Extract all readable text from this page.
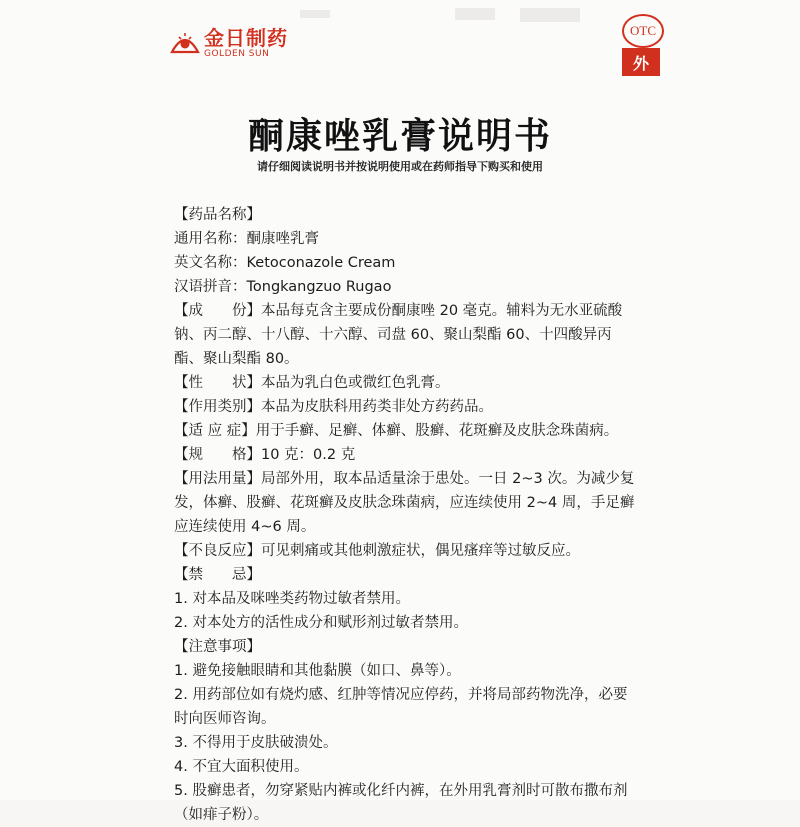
金日制药
GOLDEN SUN
OTC
外
酮康唑乳膏说明书
请仔细阅读说明书并按说明使用或在药师指导下购买和使用
【药品名称】
通用名称：酮康唑乳膏
英文名称：Ketoconazole Cream
汉语拼音：Tongkangzuo Rugao
【成　　份】本品每克含主要成份酮康唑 20 毫克。辅料为无水亚硫酸钠、丙二醇、十八醇、十六醇、司盘 60、聚山梨酯 60、十四酸异丙酯、聚山梨酯 80。
【性　　状】本品为乳白色或微红色乳膏。
【作用类别】本品为皮肤科用药类非处方药药品。
【适 应 症】用于手癣、足癣、体癣、股癣、花斑癣及皮肤念珠菌病。
【规　　格】10 克：0.2 克
【用法用量】局部外用，取本品适量涂于患处。一日 2~3 次。为减少复发，体癣、股癣、花斑癣及皮肤念珠菌病，应连续使用 2~4 周，手足癣应连续使用 4~6 周。
【不良反应】可见刺痛或其他刺激症状，偶见瘙痒等过敏反应。
【禁　　忌】
1. 对本品及咪唑类药物过敏者禁用。
2. 对本处方的活性成分和赋形剂过敏者禁用。
【注意事项】
1. 避免接触眼睛和其他黏膜（如口、鼻等）。
2. 用药部位如有烧灼感、红肿等情况应停药，并将局部药物洗净，必要时向医师咨询。
3. 不得用于皮肤破溃处。
4. 不宜大面积使用。
5. 股癣患者，勿穿紧贴内裤或化纤内裤，在外用乳膏剂时可散布撒布剂（如痱子粉）。
